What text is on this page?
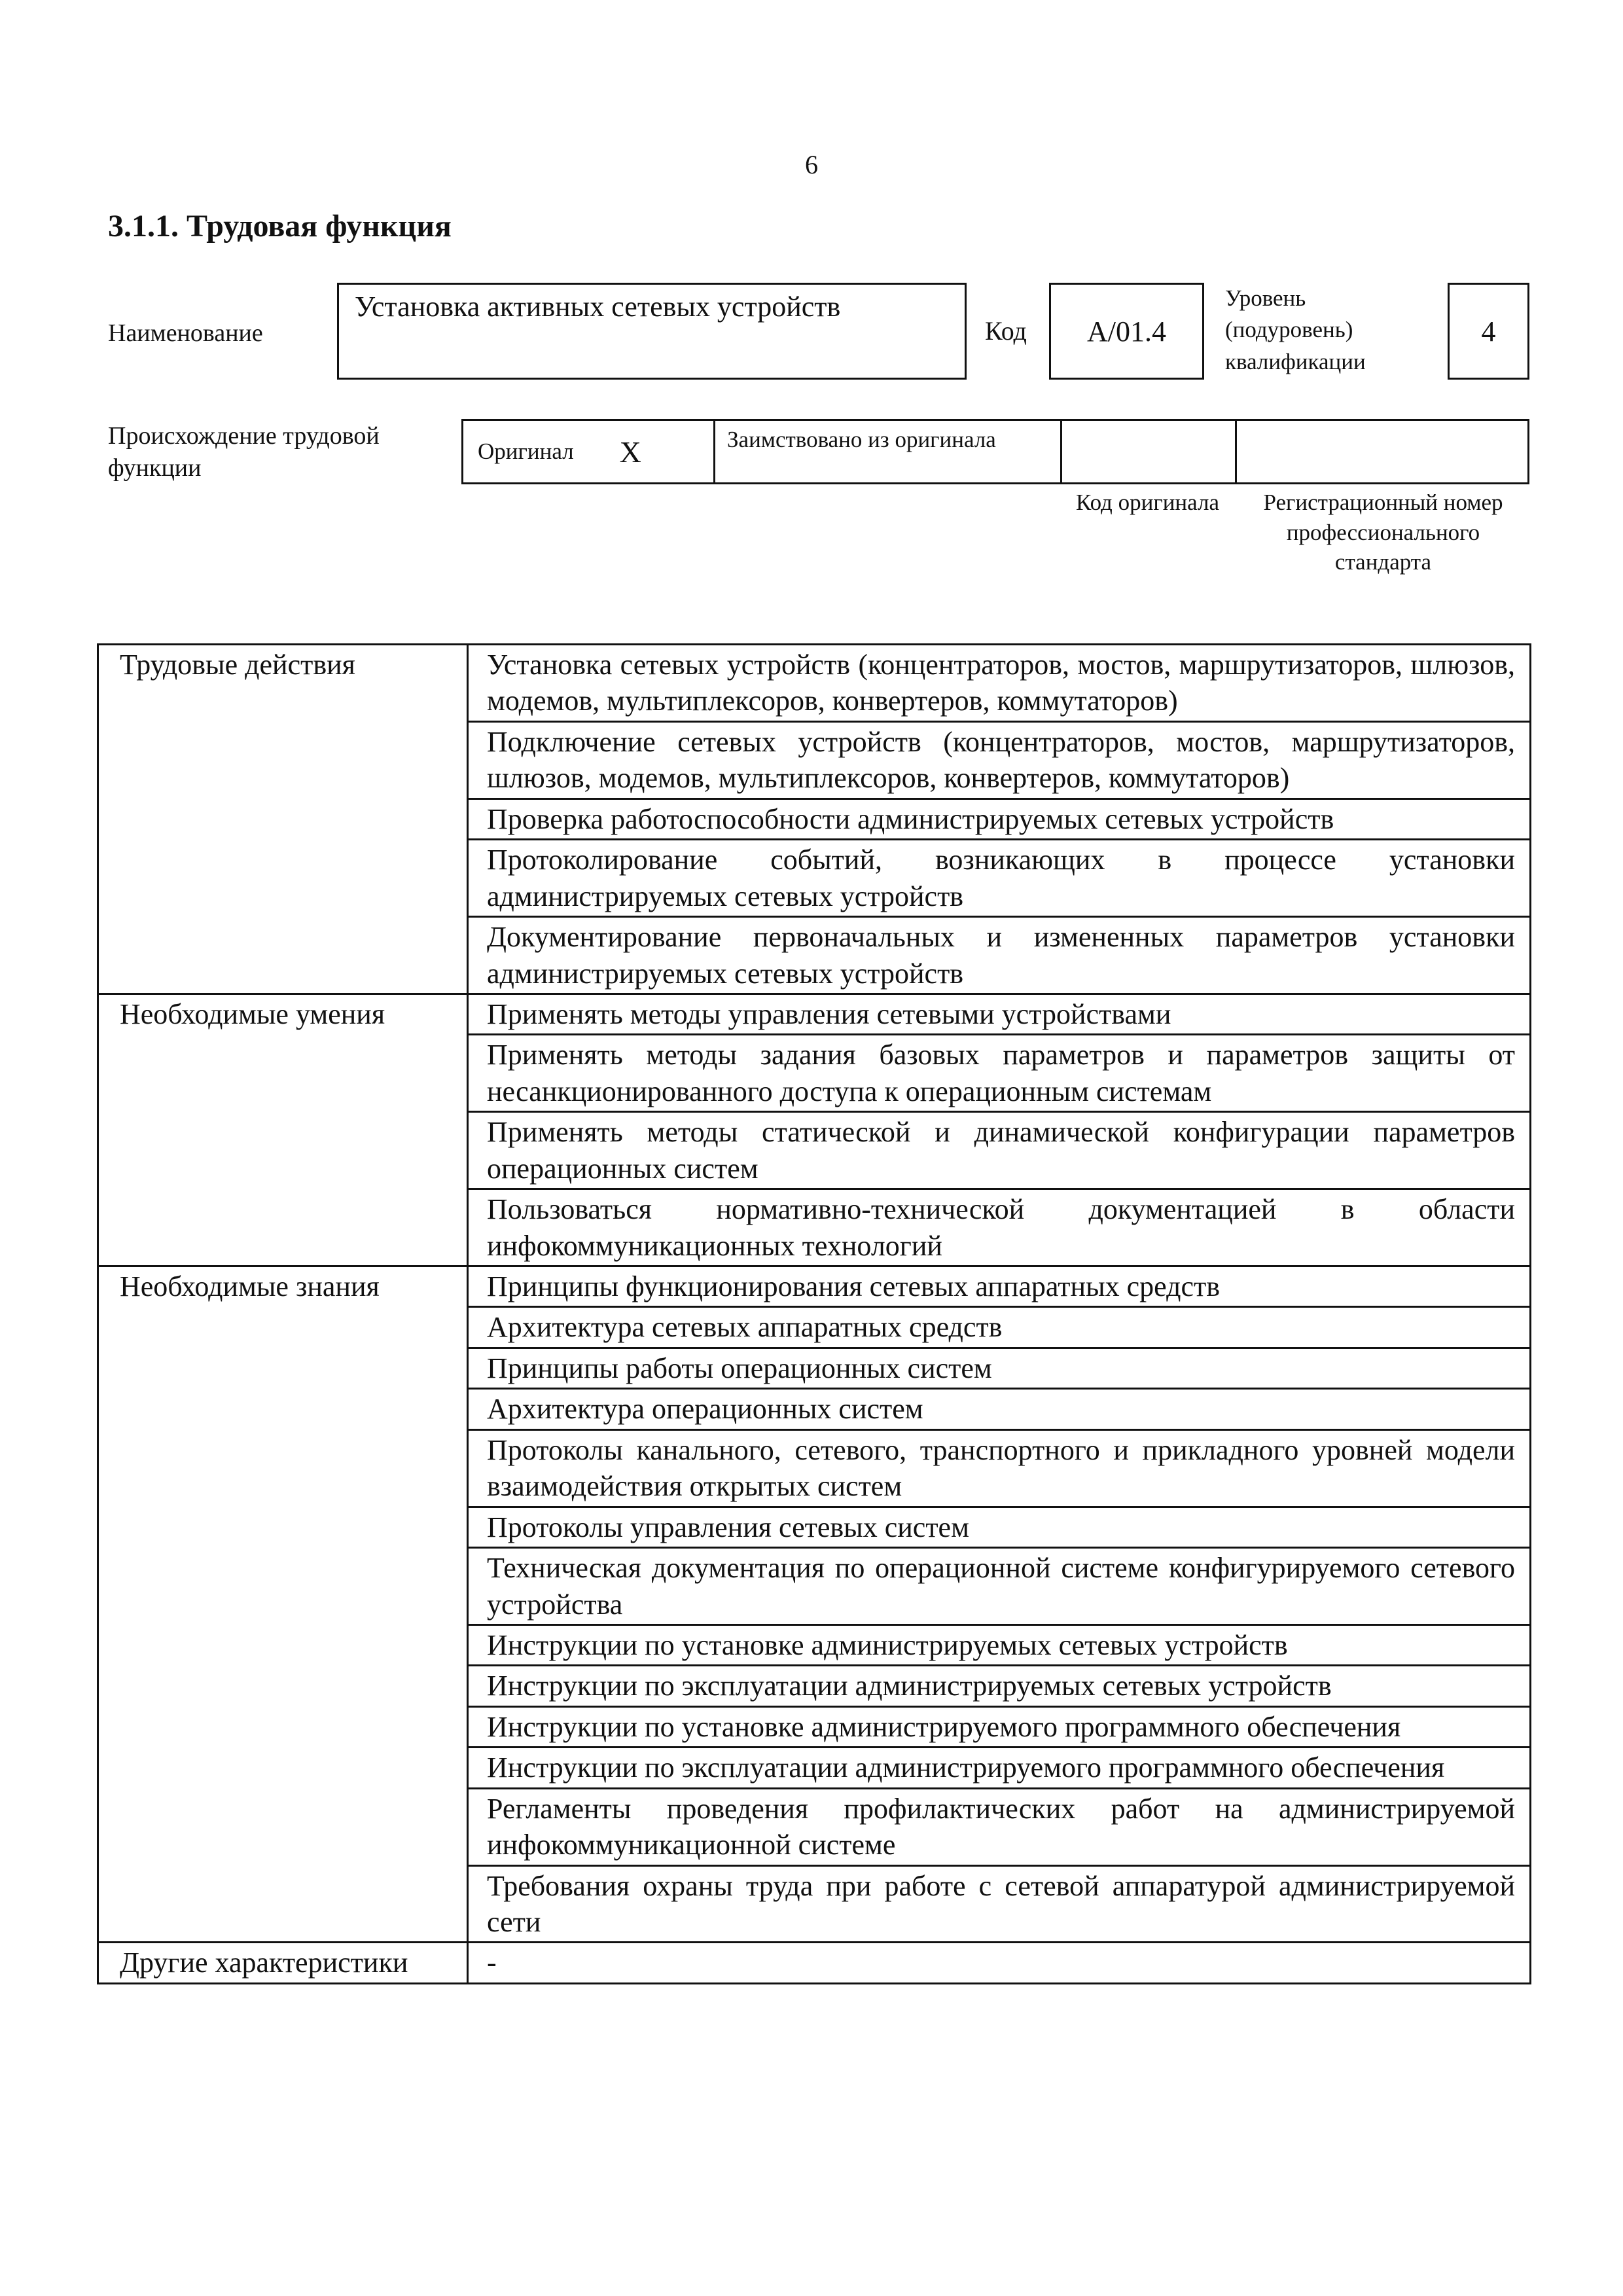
6
3.1.1. Трудовая функция
Наименование
Установка активных сетевых устройств
Код А/01.4
Уровень
(подуровень)
квалификации
4
Происхождение трудовой функции
Оригинал X	Заимствовано из оригинала
Код оригинала	Регистрационный номер профессионального стандарта
Трудовые действия	Установка сетевых устройств (концентраторов, мостов, маршрутизаторов, шлюзов, модемов, мультиплексоров, конвертеров, коммутаторов)
	Подключение сетевых устройств (концентраторов, мостов, маршрутизаторов, шлюзов, модемов, мультиплексоров, конвертеров, коммутаторов)
	Проверка работоспособности администрируемых сетевых устройств
	Протоколирование событий, возникающих в процессе установки администрируемых сетевых устройств
	Документирование первоначальных и измененных параметров установки администрируемых сетевых устройств
Необходимые умения	Применять методы управления сетевыми устройствами
	Применять методы задания базовых параметров и параметров защиты от несанкционированного доступа к операционным системам
	Применять методы статической и динамической конфигурации параметров операционных систем
	Пользоваться нормативно-технической документацией в области инфокоммуникационных технологий
Необходимые знания	Принципы функционирования сетевых аппаратных средств
	Архитектура сетевых аппаратных средств
	Принципы работы операционных систем
	Архитектура операционных систем
	Протоколы канального, сетевого, транспортного и прикладного уровней модели взаимодействия открытых систем
	Протоколы управления сетевых систем
	Техническая документация по операционной системе конфигурируемого сетевого устройства
	Инструкции по установке администрируемых сетевых устройств
	Инструкции по эксплуатации администрируемых сетевых устройств
	Инструкции по установке администрируемого программного обеспечения
	Инструкции по эксплуатации администрируемого программного обеспечения
	Регламенты проведения профилактических работ на администрируемой инфокоммуникационной системе
	Требования охраны труда при работе с сетевой аппаратурой администрируемой сети
Другие характеристики	-
